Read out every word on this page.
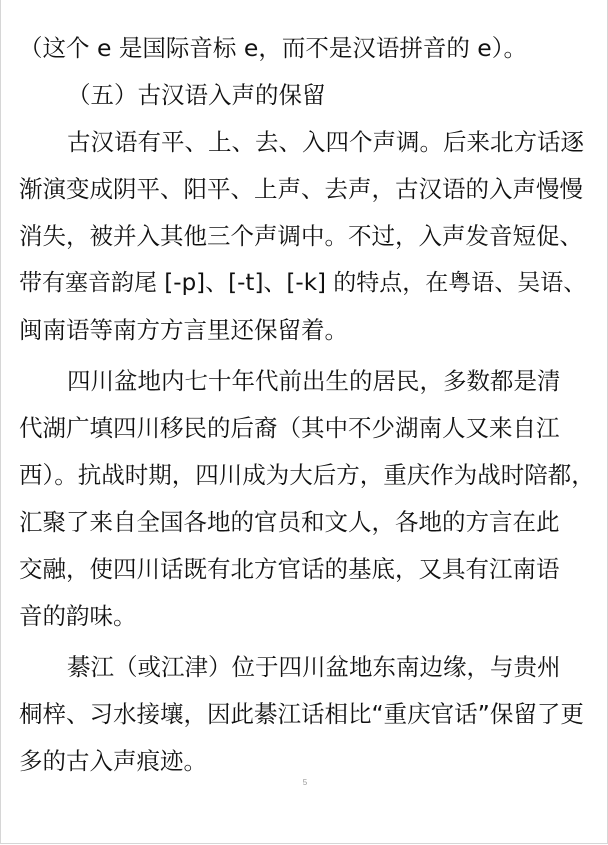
（这个 e 是国际音标 e，而不是汉语拼音的 e）。
（五）古汉语入声的保留
古汉语有平、上、去、入四个声调。后来北方话逐
渐演变成阴平、阳平、上声、去声，古汉语的入声慢慢
消失，被并入其他三个声调中。不过，入声发音短促、
带有塞音韵尾 [-p]、[-t]、[-k] 的特点，在粤语、吴语、
闽南语等南方方言里还保留着。
四川盆地内七十年代前出生的居民，多数都是清
代湖广填四川移民的后裔（其中不少湖南人又来自江
西）。抗战时期，四川成为大后方，重庆作为战时陪都，
汇聚了来自全国各地的官员和文人，各地的方言在此
交融，使四川话既有北方官话的基底，又具有江南语
音的韵味。
綦江（或江津）位于四川盆地东南边缘，与贵州
桐梓、习水接壤，因此綦江话相比“重庆官话”保留了更
多的古入声痕迹。
5
